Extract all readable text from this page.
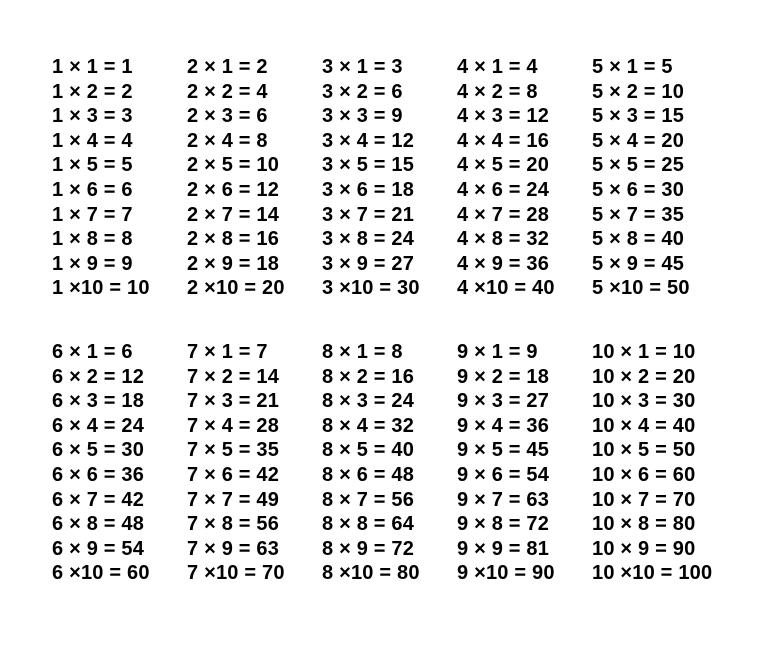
1 × 1 = 1
1 × 2 = 2
1 × 3 = 3
1 × 4 = 4
1 × 5 = 5
1 × 6 = 6
1 × 7 = 7
1 × 8 = 8
1 × 9 = 9
1 ×10 = 10
2 × 1 = 2
2 × 2 = 4
2 × 3 = 6
2 × 4 = 8
2 × 5 = 10
2 × 6 = 12
2 × 7 = 14
2 × 8 = 16
2 × 9 = 18
2 ×10 = 20
3 × 1 = 3
3 × 2 = 6
3 × 3 = 9
3 × 4 = 12
3 × 5 = 15
3 × 6 = 18
3 × 7 = 21
3 × 8 = 24
3 × 9 = 27
3 ×10 = 30
4 × 1 = 4
4 × 2 = 8
4 × 3 = 12
4 × 4 = 16
4 × 5 = 20
4 × 6 = 24
4 × 7 = 28
4 × 8 = 32
4 × 9 = 36
4 ×10 = 40
5 × 1 = 5
5 × 2 = 10
5 × 3 = 15
5 × 4 = 20
5 × 5 = 25
5 × 6 = 30
5 × 7 = 35
5 × 8 = 40
5 × 9 = 45
5 ×10 = 50
6 × 1 = 6
6 × 2 = 12
6 × 3 = 18
6 × 4 = 24
6 × 5 = 30
6 × 6 = 36
6 × 7 = 42
6 × 8 = 48
6 × 9 = 54
6 ×10 = 60
7 × 1 = 7
7 × 2 = 14
7 × 3 = 21
7 × 4 = 28
7 × 5 = 35
7 × 6 = 42
7 × 7 = 49
7 × 8 = 56
7 × 9 = 63
7 ×10 = 70
8 × 1 = 8
8 × 2 = 16
8 × 3 = 24
8 × 4 = 32
8 × 5 = 40
8 × 6 = 48
8 × 7 = 56
8 × 8 = 64
8 × 9 = 72
8 ×10 = 80
9 × 1 = 9
9 × 2 = 18
9 × 3 = 27
9 × 4 = 36
9 × 5 = 45
9 × 6 = 54
9 × 7 = 63
9 × 8 = 72
9 × 9 = 81
9 ×10 = 90
10 × 1 = 10
10 × 2 = 20
10 × 3 = 30
10 × 4 = 40
10 × 5 = 50
10 × 6 = 60
10 × 7 = 70
10 × 8 = 80
10 × 9 = 90
10 ×10 = 100
